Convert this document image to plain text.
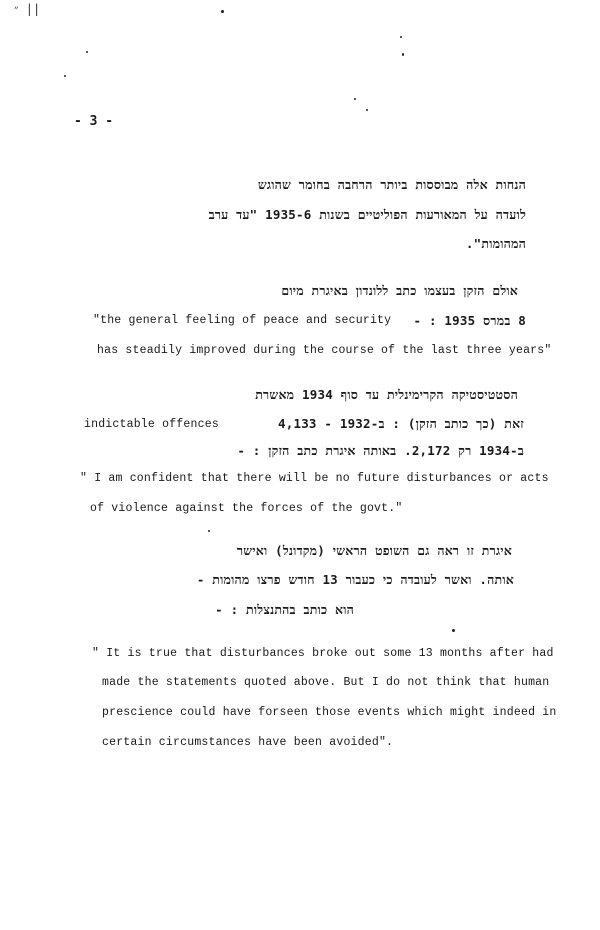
״ ||
- 3 -
הנחות אלה מבוססות ביותר הרחבה בחומר שהוגש
לועדה על המאורעות הפוליטיים בשנות 1935-6 "עד ערב
המהומות".
אולם הזקן בעצמו כתב ללונדון באיגרת מיום
8 במרס 1935 : -
"the general feeling of peace and security
has steadily improved during the course of the last three years"
הסטטיסטיקה הקרימינלית עד סוף 1934 מאשרת
זאת (כך כותב הזקן) : ב-1932 - 4,133
indictable offences
ב-1934 רק 2,172. באותה איגרת כתב הזקן : -
" I am confident that there will be no future disturbances or acts
of violence against the forces of the govt."
איגרת זו ראה גם השופט הראשי (מקדונל) ואישר
אותה. ואשר לעובדה כי כעבור 13 חודש פרצו מהומות -
הוא כותב בהתנצלות : -
" It is true that disturbances broke out some 13 months after had
made the statements quoted above. But I do not think that human
prescience could have forseen those events which might indeed in
certain circumstances have been avoided".
